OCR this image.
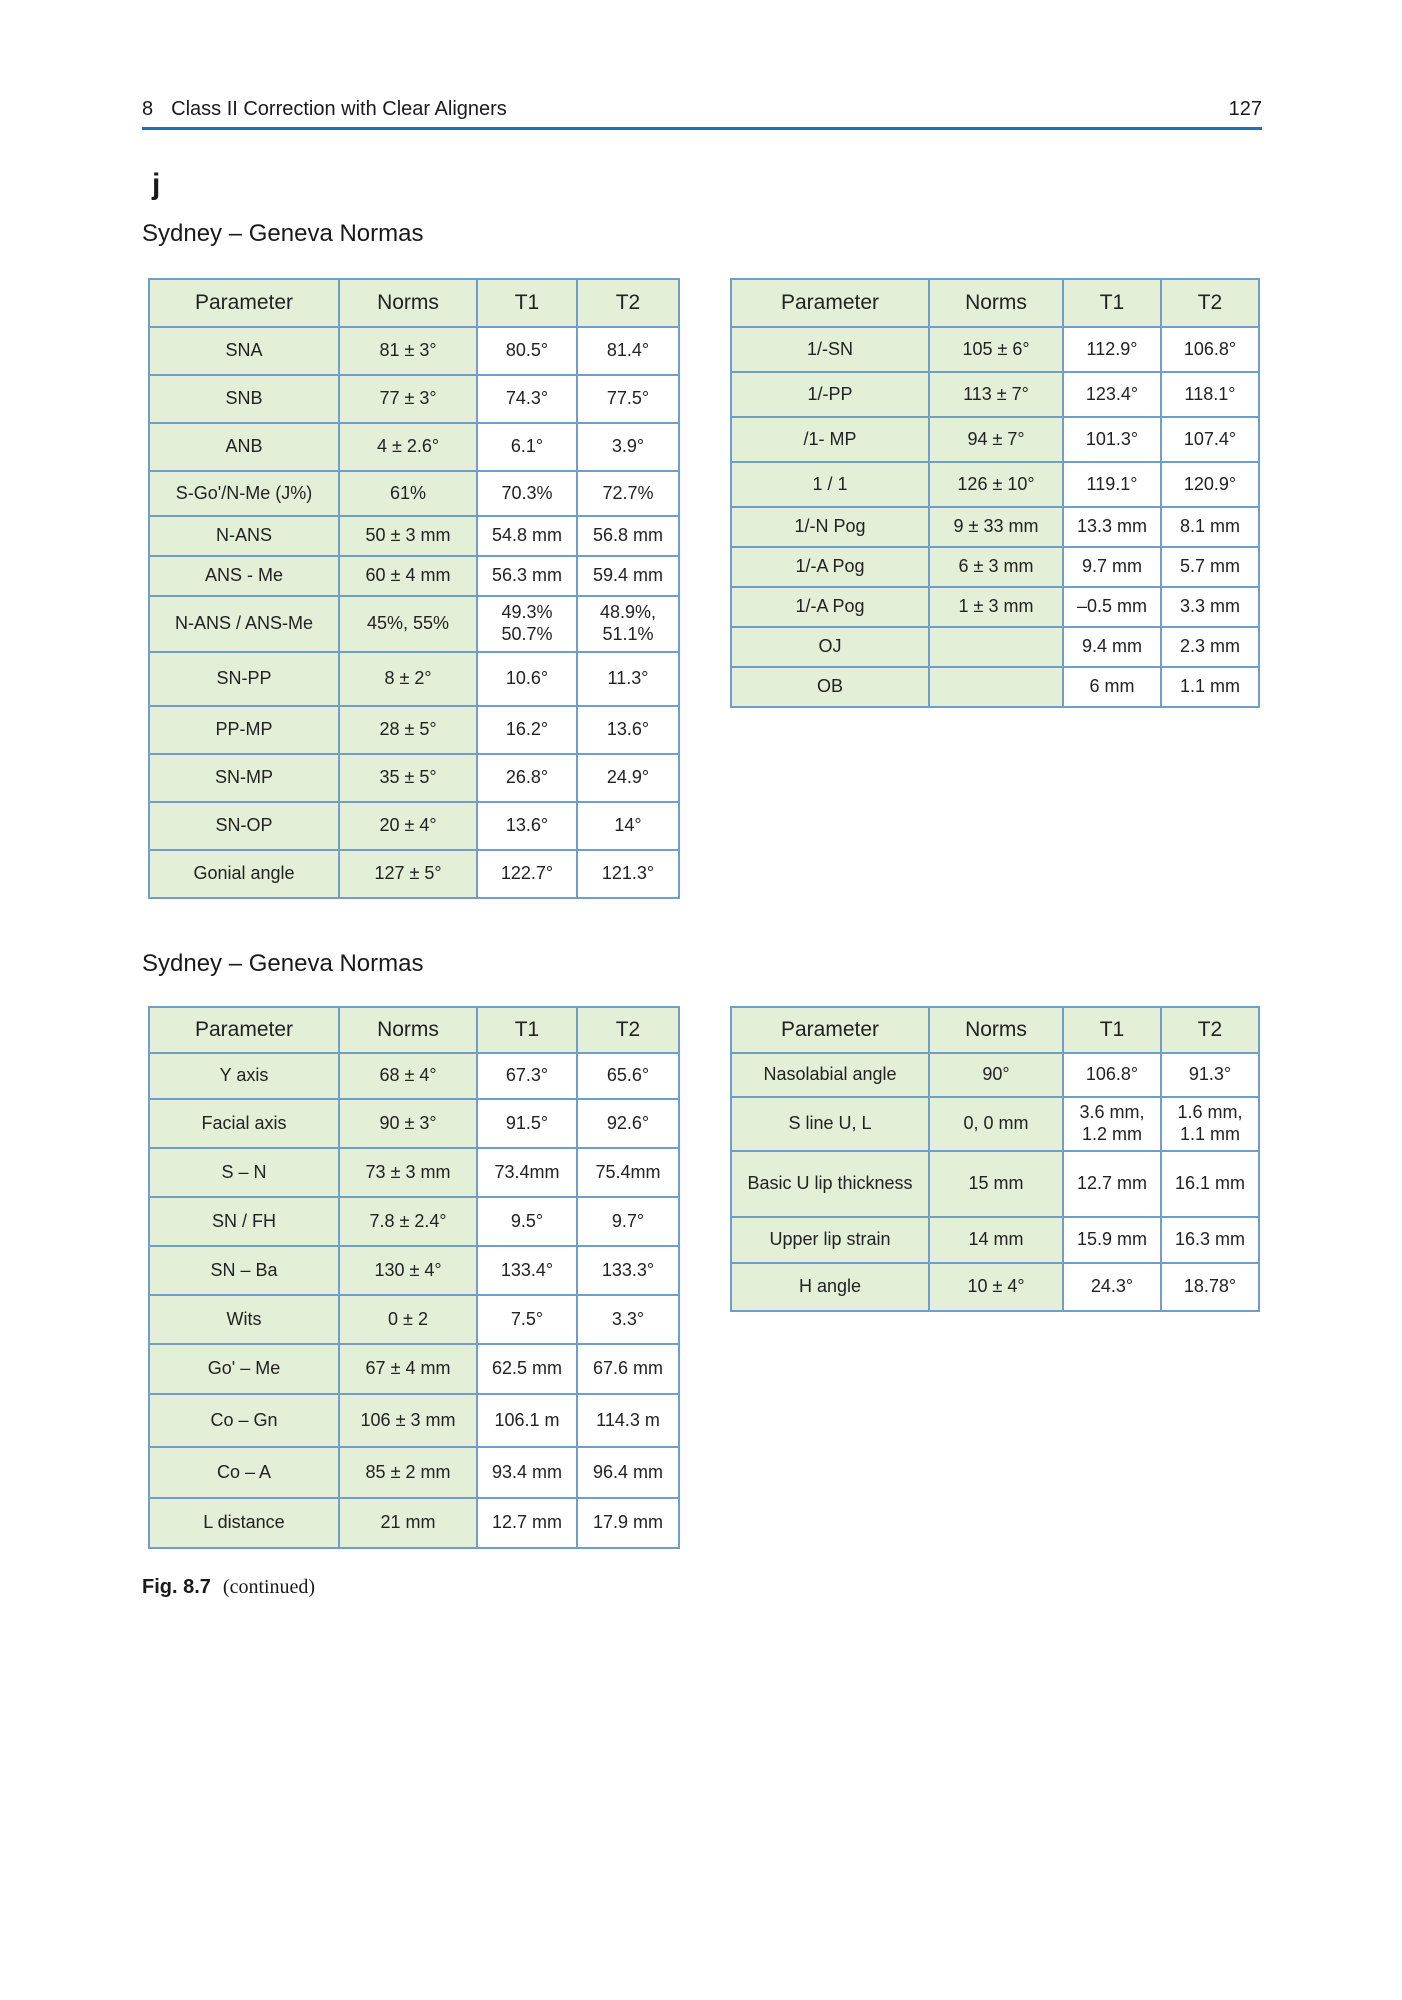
8 Class II Correction with Clear Aligners	127
j
Sydney – Geneva Normas
Sydney – Geneva Normas
Parameter	Norms	T1	T2
SNA	81 ± 3°	80.5°	81.4°
SNB	77 ± 3°	74.3°	77.5°
ANB	4 ± 2.6°	6.1°	3.9°
S-Go'/N-Me (J%)	61%	70.3%	72.7%
N-ANS	50 ± 3 mm	54.8 mm	56.8 mm
ANS - Me	60 ± 4 mm	56.3 mm	59.4 mm
N-ANS / ANS-Me	45%, 55%	49.3% 50.7%	48.9%, 51.1%
SN-PP	8 ± 2°	10.6°	11.3°
PP-MP	28 ± 5°	16.2°	13.6°
SN-MP	35 ± 5°	26.8°	24.9°
SN-OP	20 ± 4°	13.6°	14°
Gonial angle	127 ± 5°	122.7°	121.3°
Parameter	Norms	T1	T2
1/-SN	105 ± 6°	112.9°	106.8°
1/-PP	113 ± 7°	123.4°	118.1°
/1- MP	94 ± 7°	101.3°	107.4°
1 / 1	126 ± 10°	119.1°	120.9°
1/-N Pog	9 ± 33 mm	13.3 mm	8.1 mm
1/-A Pog	6 ± 3 mm	9.7 mm	5.7 mm
1/-A Pog	1 ± 3 mm	–0.5 mm	3.3 mm
OJ		9.4 mm	2.3 mm
OB		6 mm	1.1 mm
Parameter	Norms	T1	T2
Y axis	68 ± 4°	67.3°	65.6°
Facial axis	90 ± 3°	91.5°	92.6°
S – N	73 ± 3 mm	73.4mm	75.4mm
SN / FH	7.8 ± 2.4°	9.5°	9.7°
SN – Ba	130 ± 4°	133.4°	133.3°
Wits	0 ± 2	7.5°	3.3°
Go' – Me	67 ± 4 mm	62.5 mm	67.6 mm
Co – Gn	106 ± 3 mm	106.1 m	114.3 m
Co – A	85 ± 2 mm	93.4 mm	96.4 mm
L distance	21 mm	12.7 mm	17.9 mm
Parameter	Norms	T1	T2
Nasolabial angle	90°	106.8°	91.3°
S line U, L	0, 0 mm	3.6 mm, 1.2 mm	1.6 mm, 1.1 mm
Basic U lip thickness	15 mm	12.7 mm	16.1 mm
Upper lip strain	14 mm	15.9 mm	16.3 mm
H angle	10 ± 4°	24.3°	18.78°
Fig. 8.7 (continued)
